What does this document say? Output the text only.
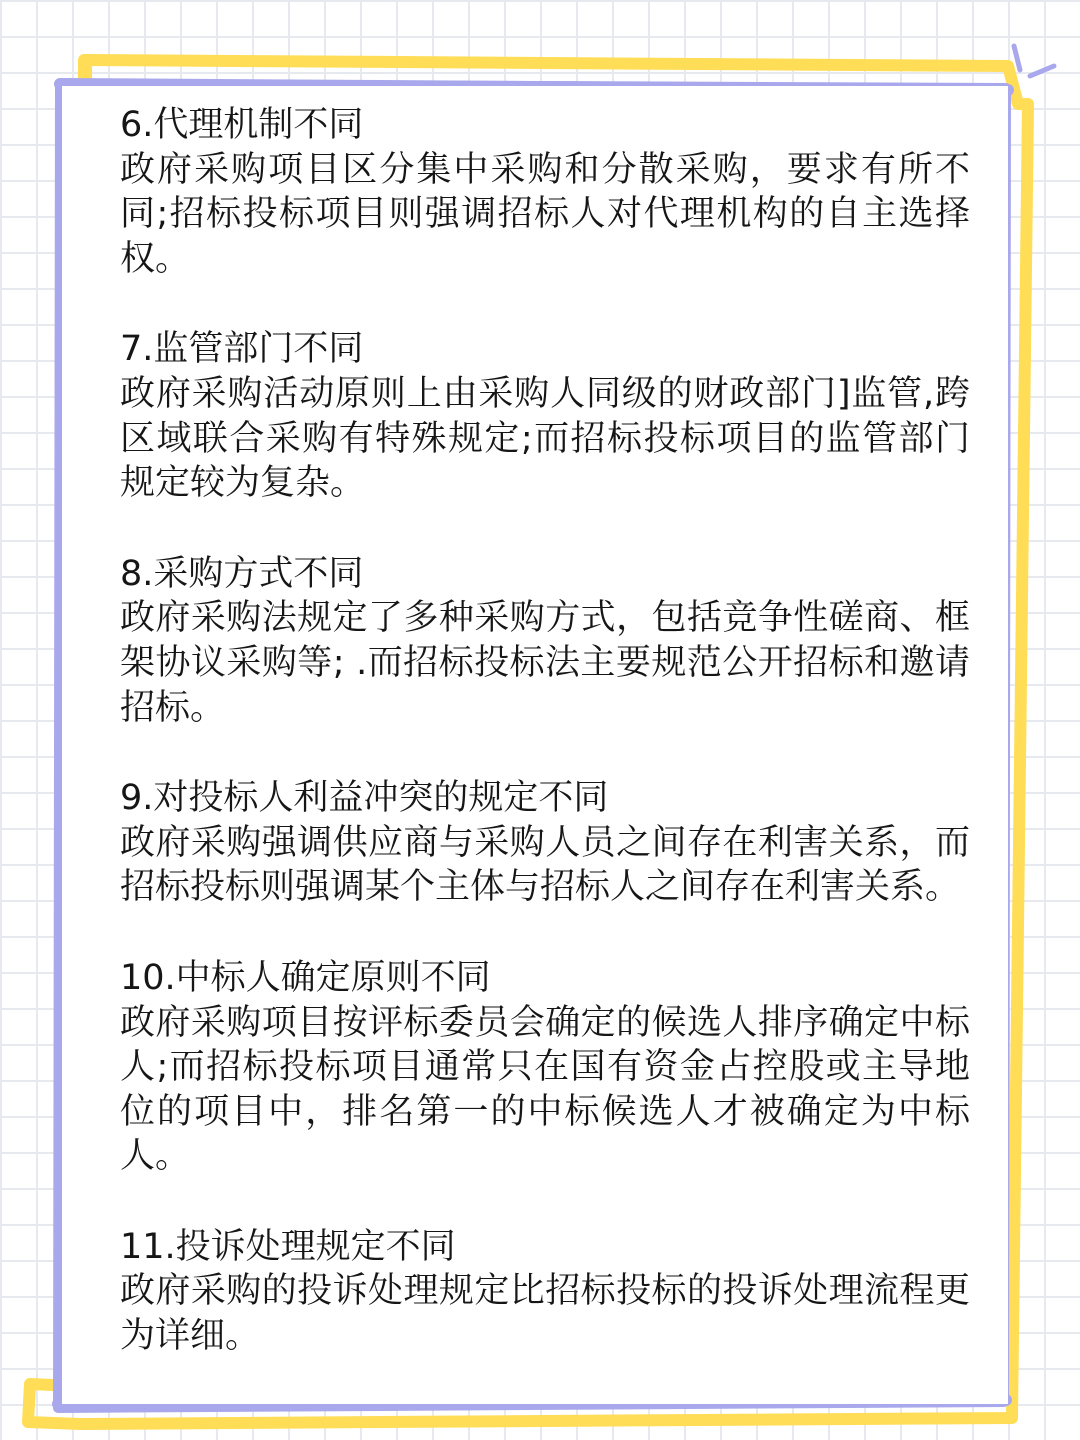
6.代理机制不同

政府采购项目区分集中采购和分散采购，要求有所不同;招标投标项目则强调招标人对代理机构的自主选择权。

7.监管部门不同

政府采购活动原则上由采购人同级的财政部门]监管,跨区域联合采购有特殊规定;而招标投标项目的监管部门规定较为复杂。

8.采购方式不同

政府采购法规定了多种采购方式，包括竞争性磋商、框架协议采购等; .而招标投标法主要规范公开招标和邀请招标。

9.对投标人利益冲突的规定不同

政府采购强调供应商与采购人员之间存在利害关系，而招标投标则强调某个主体与招标人之间存在利害关系。

10.中标人确定原则不同

政府采购项目按评标委员会确定的候选人排序确定中标人;而招标投标项目通常只在国有资金占控股或主导地位的项目中，排名第一的中标候选人才被确定为中标人。

11.投诉处理规定不同

政府采购的投诉处理规定比招标投标的投诉处理流程更为详细。
